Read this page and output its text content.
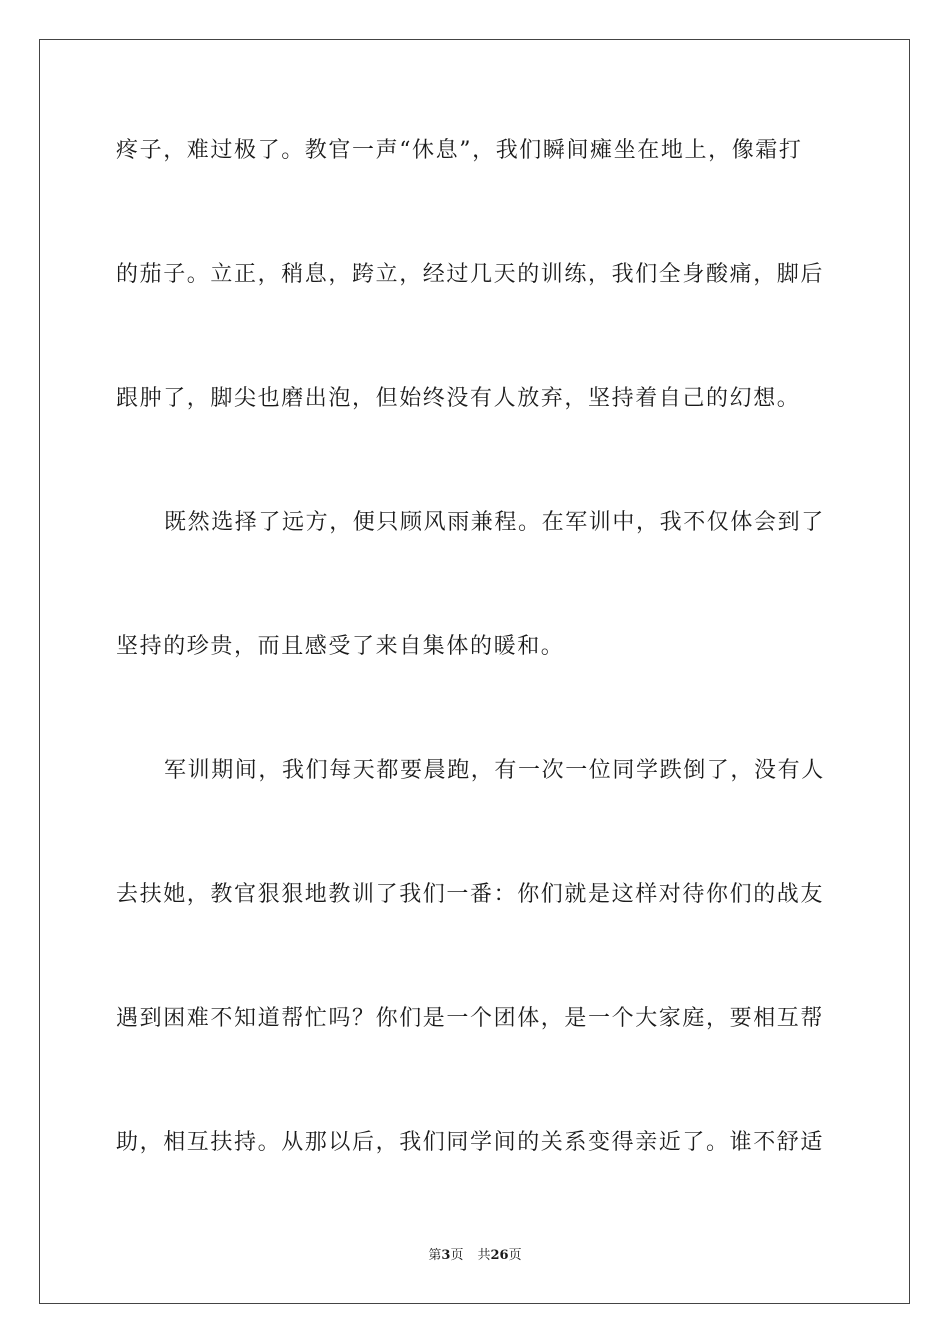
疼子，难过极了。教官一声“休息”，我们瞬间瘫坐在地上，像霜打
的茄子。立正，稍息，跨立，经过几天的训练，我们全身酸痛，脚后
跟肿了，脚尖也磨出泡，但始终没有人放弃，坚持着自己的幻想。
既然选择了远方，便只顾风雨兼程。在军训中，我不仅体会到了
坚持的珍贵，而且感受了来自集体的暖和。
军训期间，我们每天都要晨跑，有一次一位同学跌倒了，没有人
去扶她，教官狠狠地教训了我们一番：你们就是这样对待你们的战友
遇到困难不知道帮忙吗？你们是一个团体，是一个大家庭，要相互帮
助，相互扶持。从那以后，我们同学间的关系变得亲近了。谁不舒适
第3页 共26页
